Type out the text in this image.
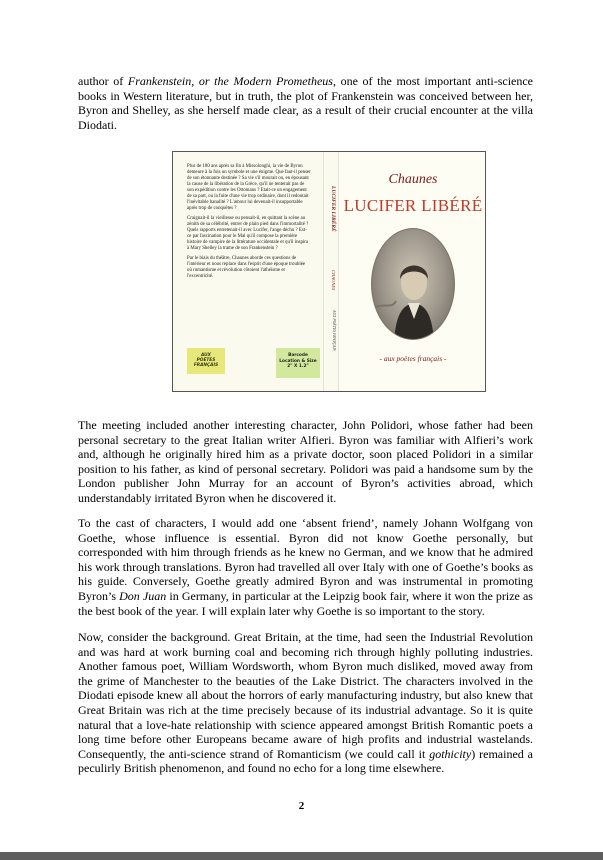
author of Frankenstein, or the Modern Prometheus, one of the most important anti-science books in Western literature, but in truth, the plot of Frankenstein was conceived between her, Byron and Shelley, as she herself made clear, as a result of their crucial encounter at the villa Diodati.

Plus de 180 ans après sa fin à Missolonghi, la vie de Byron demeure à la fois un symbole et une énigme. Que faut-il penser de son étonnante destinée ? Sa vie s'il mourait ou, en épousant la cause de la libération de la Grèce, qu'il ne tenterait pas de son expédition contre les Ottomans ? Etait-ce un engagement de sa part, ou la fuite d'une vie trop ordinaire, dont il redoutait l'inévitable banalité ? L'amour lui devenait-il insupportable après trop de conquêtes ?

Craignait-il la vieillesse ou pensait-il, en quittant la scène au zénith de sa célébrité, entrer de plain pied dans l'immortalité ? Quels rapports entretenait-il avec Lucifer, l'ange déchu ? Est-ce par fascination pour le Mal qu'il compose la première histoire de vampire de la littérature occidentale et qu'il inspira à Mary Shelley la trame de son Frankenstein ?

Par le biais du théâtre, Chaunes aborde ces questions de l'intérieur et nous replace dans l'esprit d'une époque troublée où romantisme et révolution côtoient l'athéisme et l'excentricité.

AUX
POÈTES
FRANÇAIS
Barcode
Location & Size
2" X 1.2"
LUCIFER LIBÉRÉ
CHAUNES
AUX POÈTES FRANÇAIS
Chaunes
LUCIFER LIBÉRÉ
- aux poètes français -
The meeting included another interesting character, John Polidori, whose father had been personal secretary to the great Italian writer Alfieri. Byron was familiar with Alfieri’s work and, although he originally hired him as a private doctor, soon placed Polidori in a similar position to his father, as kind of personal secretary. Polidori was paid a handsome sum by the London publisher John Murray for an account of Byron’s activities abroad, which understandably irritated Byron when he discovered it.
To the cast of characters, I would add one ‘absent friend’, namely Johann Wolfgang von Goethe, whose influence is essential. Byron did not know Goethe personally, but corresponded with him through friends as he knew no German, and we know that he admired his work through translations. Byron had travelled all over Italy with one of Goethe’s books as his guide. Conversely, Goethe greatly admired Byron and was instrumental in promoting Byron’s Don Juan in Germany, in particular at the Leipzig book fair, where it won the prize as the best book of the year. I will explain later why Goethe is so important to the story.
Now, consider the background. Great Britain, at the time, had seen the Industrial Revolution and was hard at work burning coal and becoming rich through highly polluting industries. Another famous poet, William Wordsworth, whom Byron much disliked, moved away from the grime of Manchester to the beauties of the Lake District. The characters involved in the Diodati episode knew all about the horrors of early manufacturing industry, but also knew that Great Britain was rich at the time precisely because of its industrial advantage. So it is quite natural that a love-hate relationship with science appeared amongst British Romantic poets a long time before other Europeans became aware of high profits and industrial wastelands. Consequently, the anti-science strand of Romanticism (we could call it gothicity) remained a peculirly British phenomenon, and found no echo for a long time elsewhere.
2
